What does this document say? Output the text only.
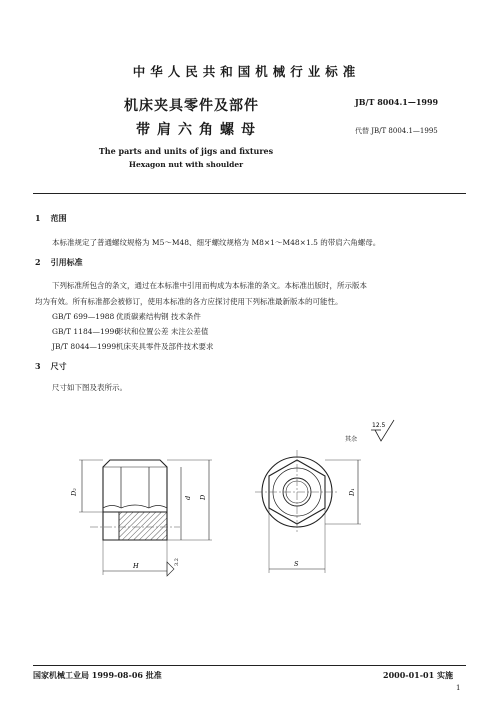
中华人民共和国机械行业标准
机床夹具零件及部件
带肩六角螺母
JB/T 8004.1—1999
代替 JB/T 8004.1—1995
The parts and units of jigs and fixtures
Hexagon nut with shoulder
1 范围
本标准规定了普通螺纹规格为 M5～M48、细牙螺纹规格为 M8×1～M48×1.5 的带肩六角螺母。
2 引用标准
下列标准所包含的条文，通过在本标准中引用而构成为本标准的条文。本标准出版时，所示版本
均为有效。所有标准都会被修订，使用本标准的各方应探讨使用下列标准最新版本的可能性。
GB/T 699—1988 优质碳素结构钢 技术条件
GB/T 1184—1996形状和位置公差 未注公差值
JB/T 8044—1999机床夹具零件及部件技术要求
3 尺寸
尺寸如下图及表所示。
其余
12.5
D₂
d D
H	3.2
D₁
S
国家机械工业局 1999-08-06 批准	2000-01-01 实施
1
